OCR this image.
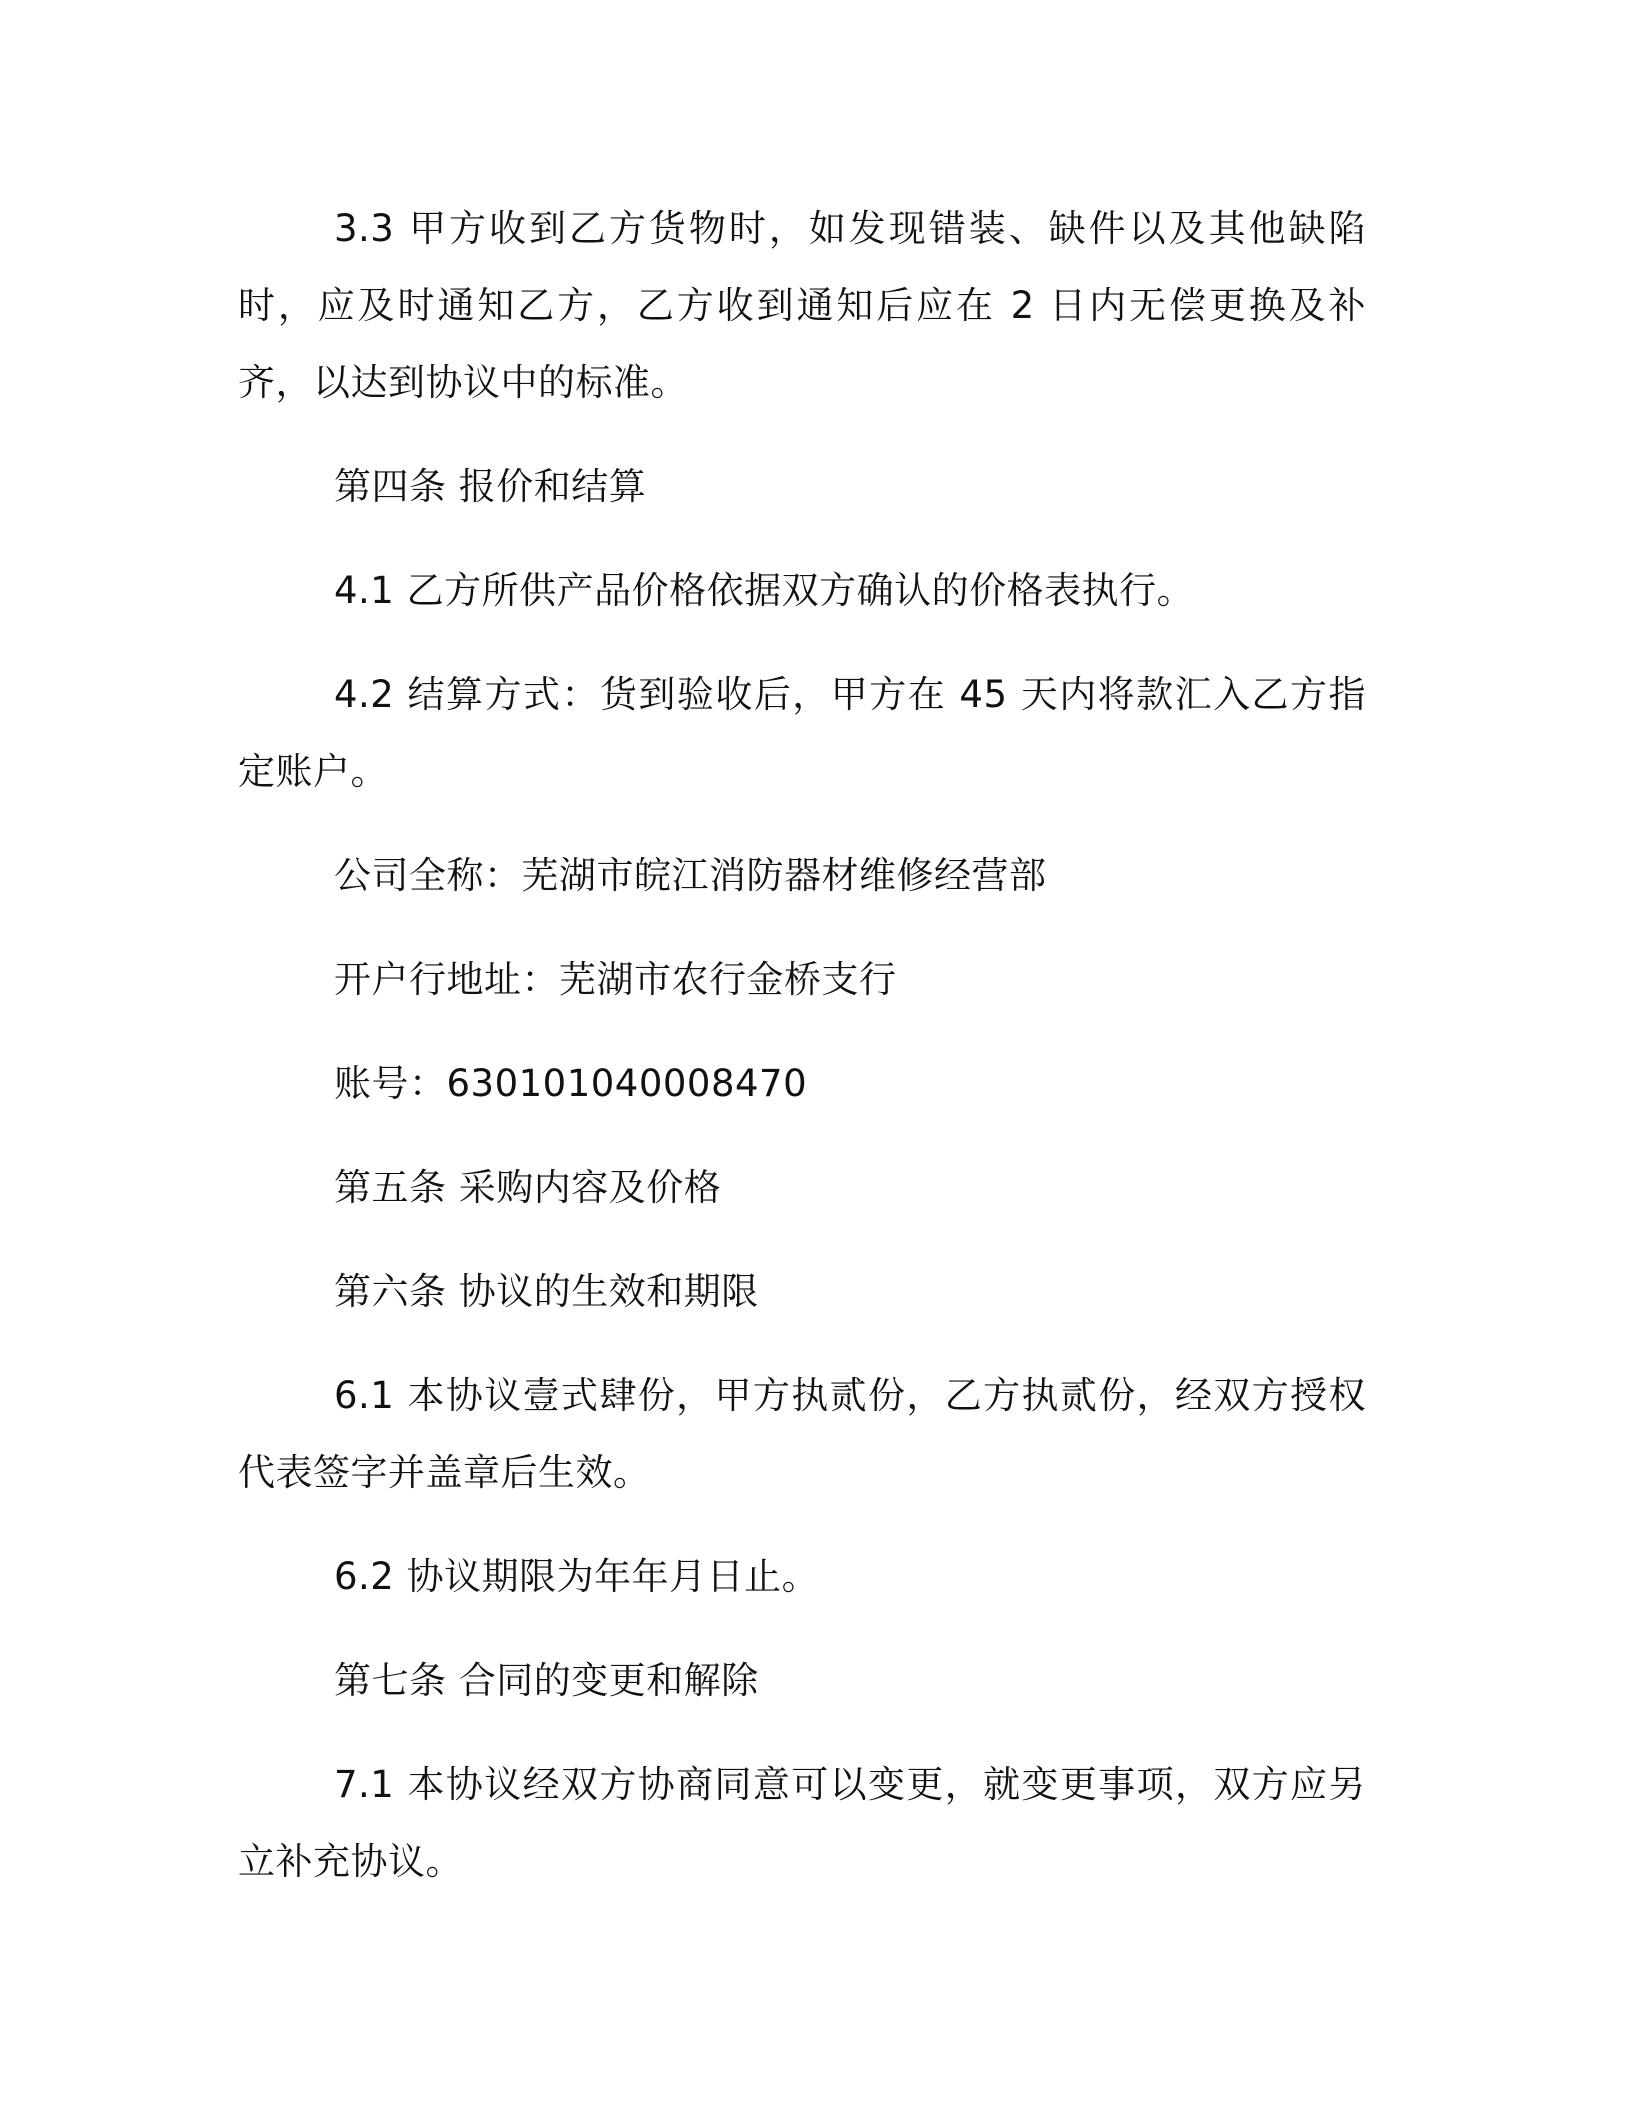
3.3 甲方收到乙方货物时，如发现错装、缺件以及其他缺陷时，应及时通知乙方，乙方收到通知后应在 2 日内无偿更换及补齐，以达到协议中的标准。

第四条 报价和结算

4.1 乙方所供产品价格依据双方确认的价格表执行。

4.2 结算方式：货到验收后，甲方在 45 天内将款汇入乙方指定账户。

公司全称：芜湖市皖江消防器材维修经营部

开户行地址：芜湖市农行金桥支行

账号：630101040008470

第五条 采购内容及价格

第六条 协议的生效和期限

6.1 本协议壹式肆份，甲方执贰份，乙方执贰份，经双方授权代表签字并盖章后生效。

6.2 协议期限为年年月日止。

第七条 合同的变更和解除

7.1 本协议经双方协商同意可以变更，就变更事项，双方应另立补充协议。
